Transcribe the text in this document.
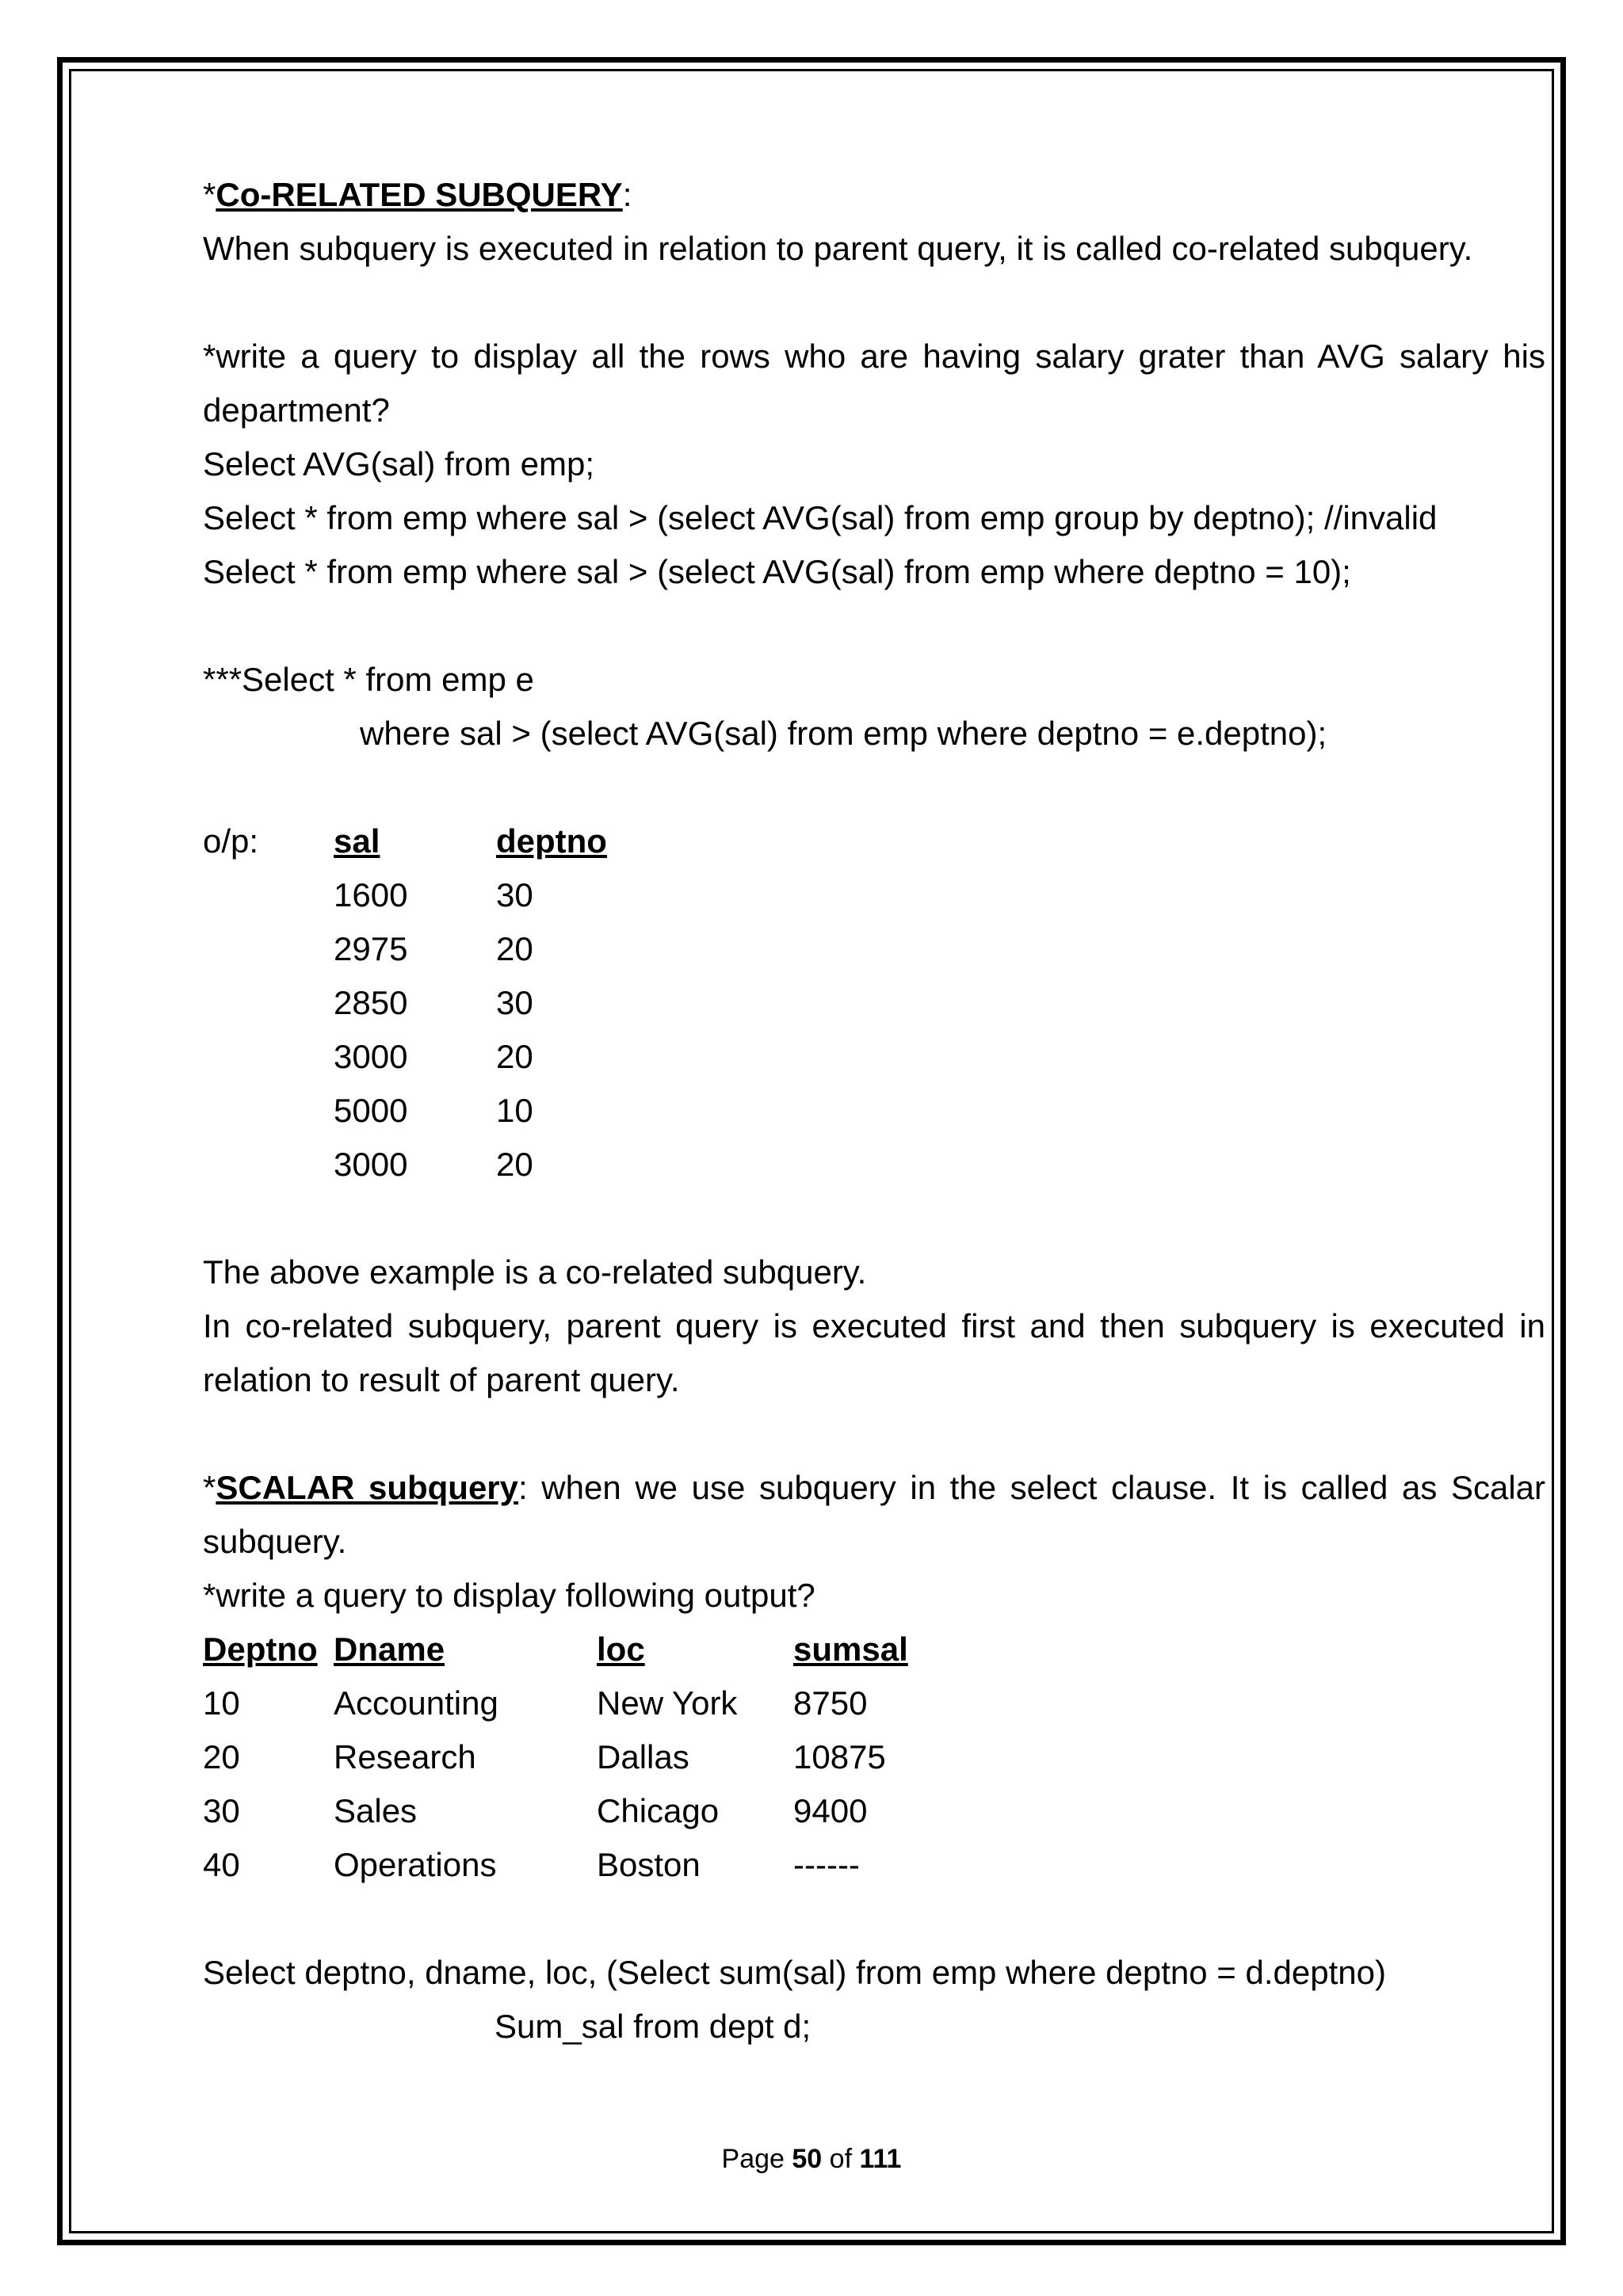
*Co-RELATED SUBQUERY:
When subquery is executed in relation to parent query, it is called co-related subquery.
*write a query to display all the rows who are having salary grater than AVG salary his department?
Select AVG(sal) from emp;
Select * from emp where sal > (select AVG(sal) from emp group by deptno); //invalid
Select * from emp where sal > (select AVG(sal) from emp where deptno = 10);
***Select * from emp e
where sal > (select AVG(sal) from emp where deptno = e.deptno);
o/p: sal	deptno
1600	30
2975	20
2850	30
3000	20
5000	10
3000	20
The above example is a co-related subquery.
In co-related subquery, parent query is executed first and then subquery is executed in relation to result of parent query.
*SCALAR subquery: when we use subquery in the select clause. It is called as Scalar subquery.
*write a query to display following output?
Deptno Dname	loc	sumsal
10	Accounting	New York 8750
20	Research	Dallas	10875
30	Sales	Chicago 9400
40	Operations	Boston	------
Select deptno, dname, loc, (Select sum(sal) from emp where deptno = d.deptno)
Sum_sal from dept d;
Page 50 of 111
